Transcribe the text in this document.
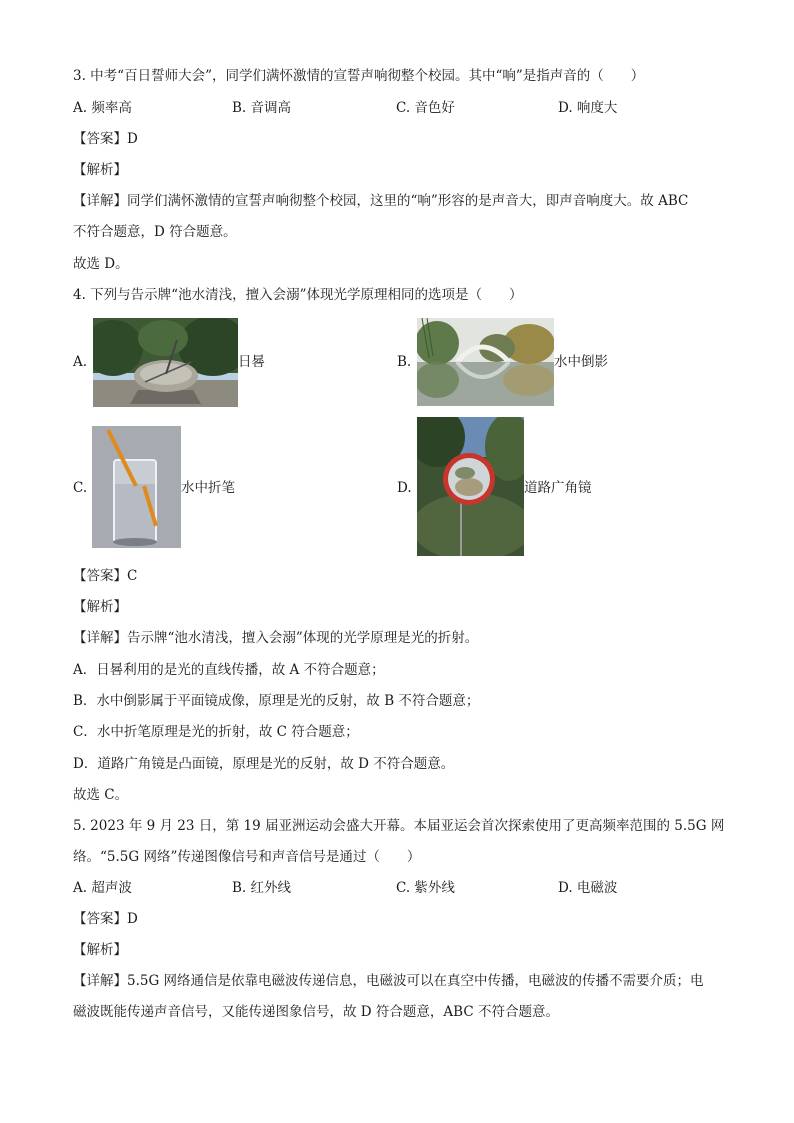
3. 中考“百日誓师大会”，同学们满怀激情的宣誓声响彻整个校园。其中“响”是指声音的（　　）
A. 频率高	B. 音调高	C. 音色好	D. 响度大
【答案】D
【解析】
【详解】同学们满怀激情的宣誓声响彻整个校园，这里的“响”形容的是声音大，即声音响度大。故 ABC
不符合题意，D 符合题意。
故选 D。
4. 下列与告示牌“池水清浅，擅入会溺”体现光学原理相同的选项是（　　）
A.	日晷	B.	水中倒影
C.	水中折笔	D.	道路广角镜
【答案】C
【解析】
【详解】告示牌“池水清浅，擅入会溺”体现的光学原理是光的折射。
A．日晷利用的是光的直线传播，故 A 不符合题意；
B．水中倒影属于平面镜成像，原理是光的反射，故 B 不符合题意；
C．水中折笔原理是光的折射，故 C 符合题意；
D．道路广角镜是凸面镜，原理是光的反射，故 D 不符合题意。
故选 C。
5. 2023 年 9 月 23 日，第 19 届亚洲运动会盛大开幕。本届亚运会首次探索使用了更高频率范围的 5.5G 网
络。“5.5G 网络”传递图像信号和声音信号是通过（　　）
A. 超声波	B. 红外线	C. 紫外线	D. 电磁波
【答案】D
【解析】
【详解】5.5G 网络通信是依靠电磁波传递信息，电磁波可以在真空中传播，电磁波的传播不需要介质；电
磁波既能传递声音信号，又能传递图象信号，故 D 符合题意，ABC 不符合题意。
